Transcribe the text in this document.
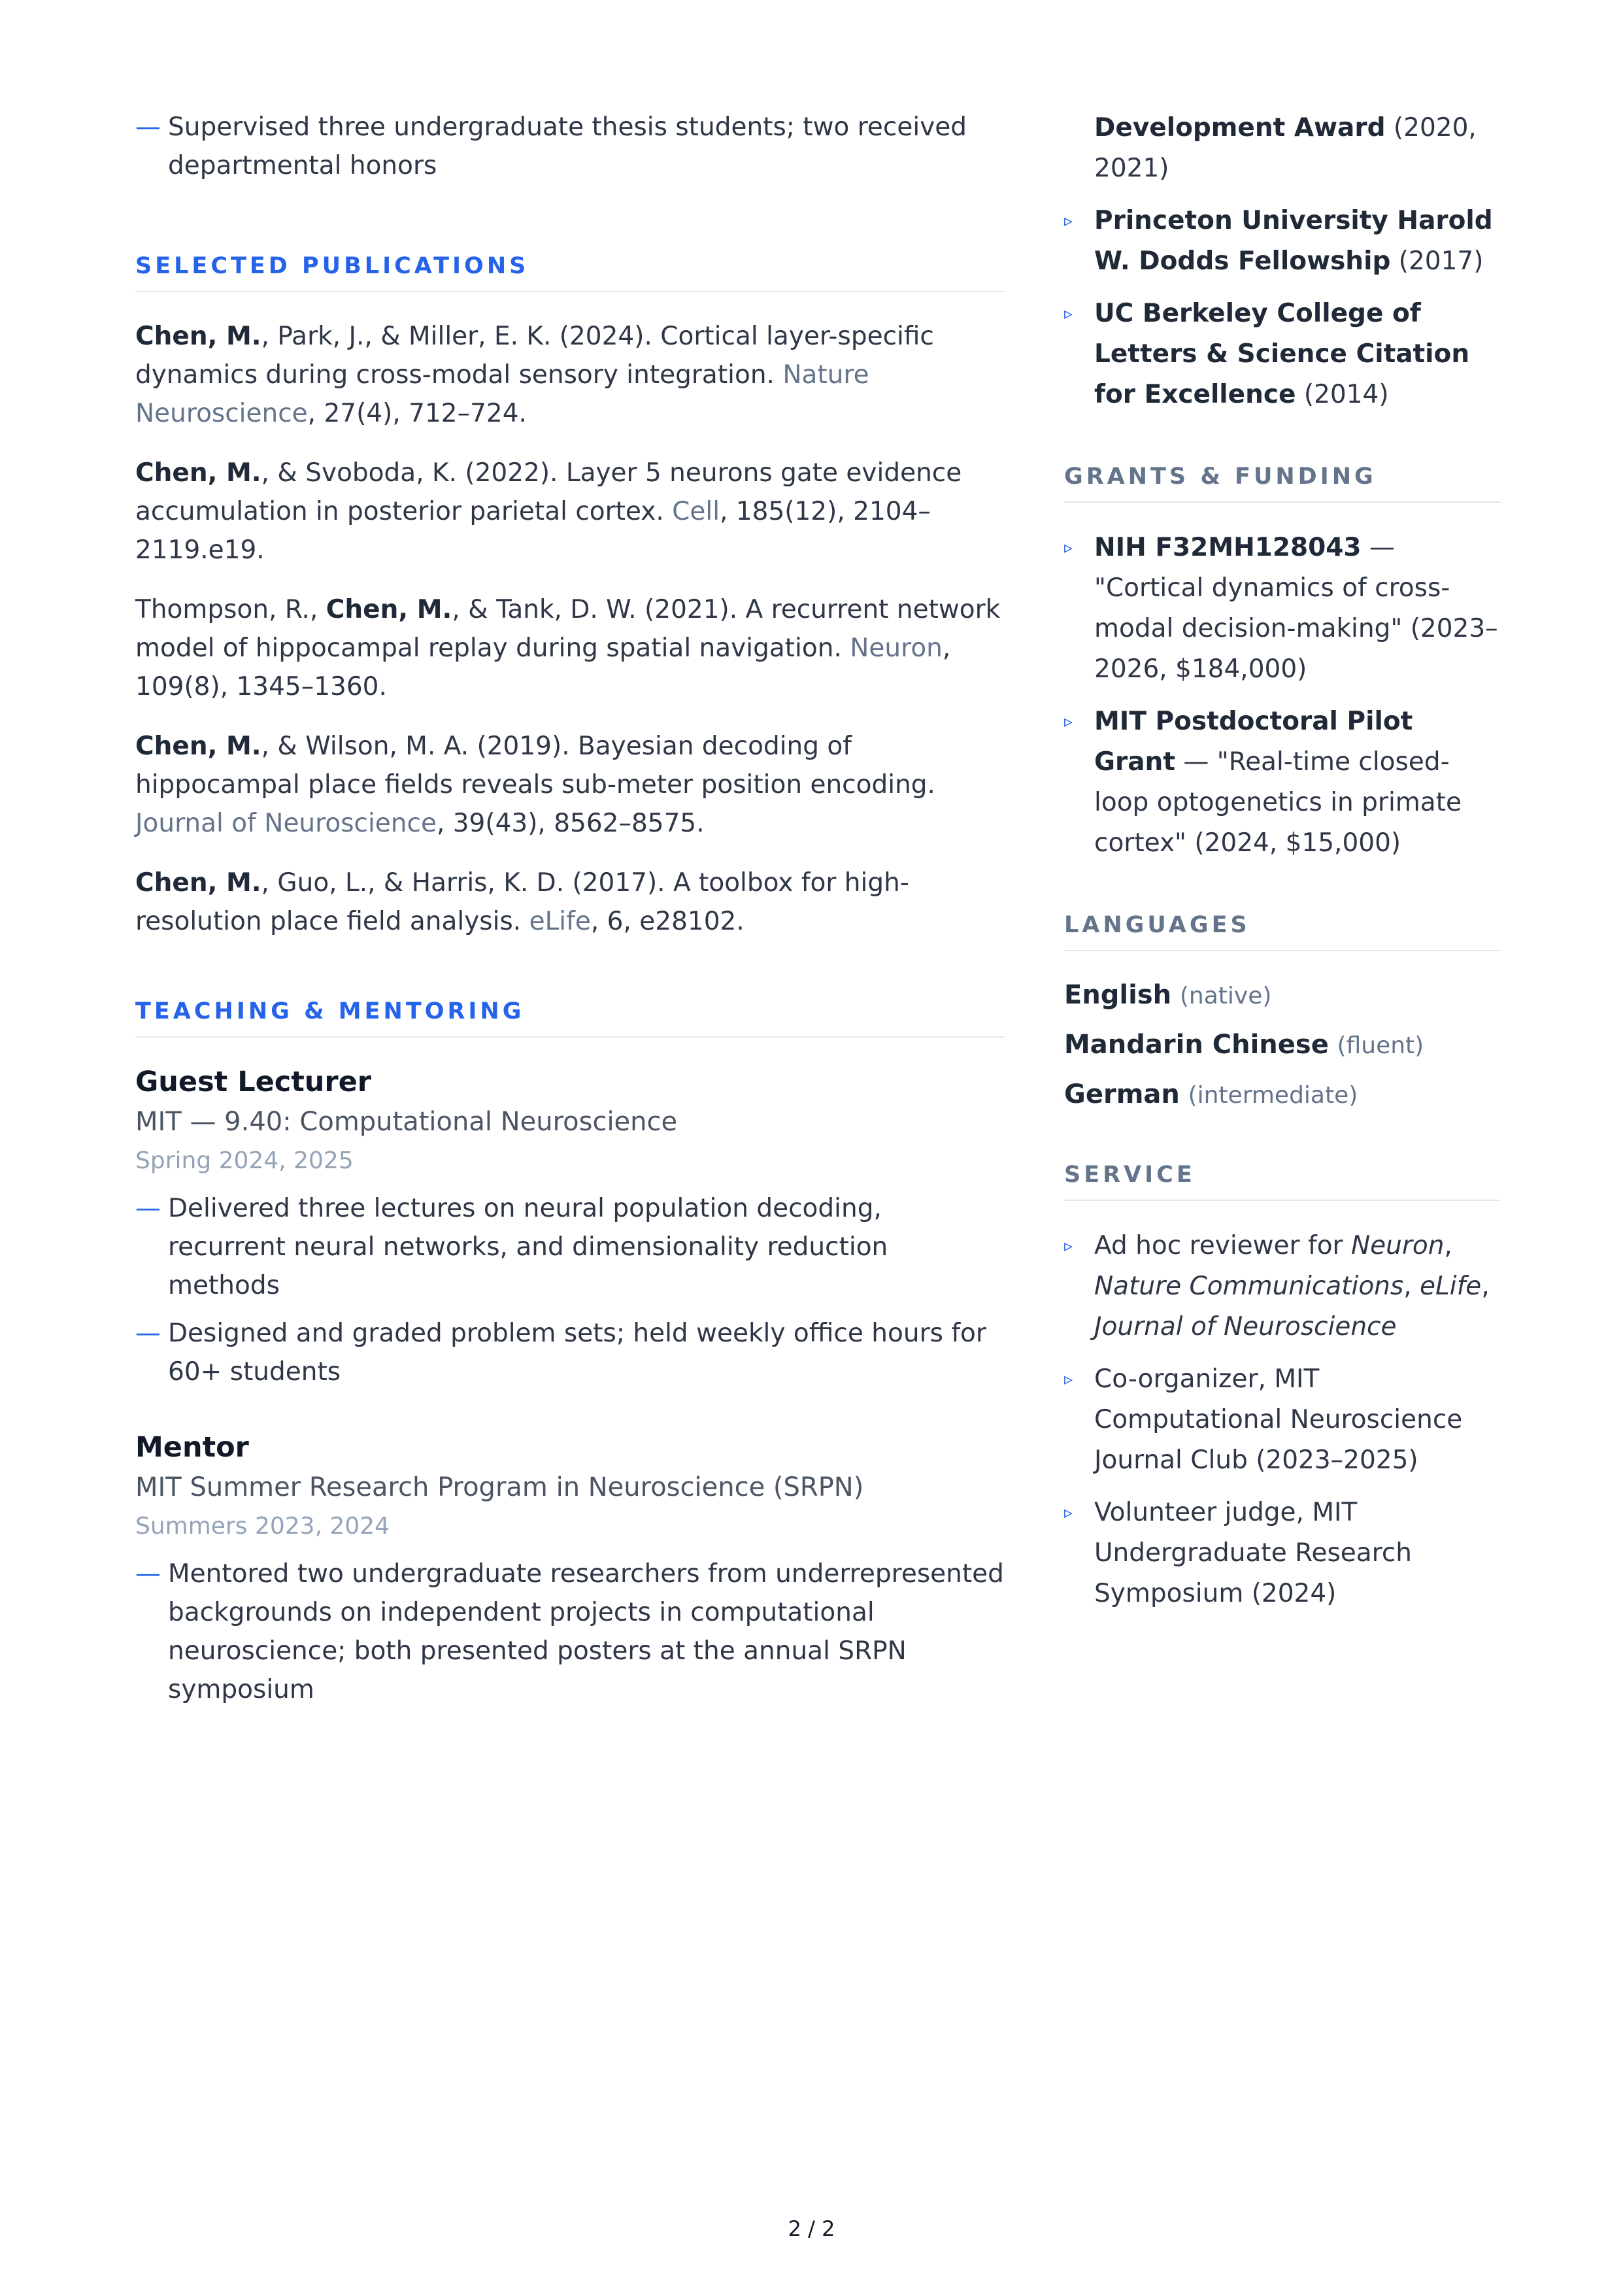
— Supervised three undergraduate thesis students; two received departmental honors
SELECTED PUBLICATIONS
Chen, M., Park, J., & Miller, E. K. (2024). Cortical layer-specific dynamics during cross-modal sensory integration. Nature Neuroscience, 27(4), 712–724.
Chen, M., & Svoboda, K. (2022). Layer 5 neurons gate evidence accumulation in posterior parietal cortex. Cell, 185(12), 2104–2119.e19.
Thompson, R., Chen, M., & Tank, D. W. (2021). A recurrent network model of hippocampal replay during spatial navigation. Neuron, 109(8), 1345–1360.
Chen, M., & Wilson, M. A. (2019). Bayesian decoding of hippocampal place fields reveals sub-meter position encoding. Journal of Neuroscience, 39(43), 8562–8575.
Chen, M., Guo, L., & Harris, K. D. (2017). A toolbox for high-resolution place field analysis. eLife, 6, e28102.
TEACHING & MENTORING
Guest Lecturer
MIT — 9.40: Computational Neuroscience
Spring 2024, 2025
— Delivered three lectures on neural population decoding, recurrent neural networks, and dimensionality reduction methods
— Designed and graded problem sets; held weekly office hours for 60+ students
Mentor
MIT Summer Research Program in Neuroscience (SRPN)
Summers 2023, 2024
— Mentored two undergraduate researchers from underrepresented backgrounds on independent projects in computational neuroscience; both presented posters at the annual SRPN symposium
Development Award (2020, 2021)
▹ Princeton University Harold W. Dodds Fellowship (2017)
▹ UC Berkeley College of Letters & Science Citation for Excellence (2014)
GRANTS & FUNDING
▹ NIH F32MH128043 — "Cortical dynamics of cross-modal decision-making" (2023–2026, $184,000)
▹ MIT Postdoctoral Pilot Grant — "Real-time closed-loop optogenetics in primate cortex" (2024, $15,000)
LANGUAGES
English (native)
Mandarin Chinese (fluent)
German (intermediate)
SERVICE
▹ Ad hoc reviewer for Neuron, Nature Communications, eLife, Journal of Neuroscience
▹ Co-organizer, MIT Computational Neuroscience Journal Club (2023–2025)
▹ Volunteer judge, MIT Undergraduate Research Symposium (2024)
2 / 2
